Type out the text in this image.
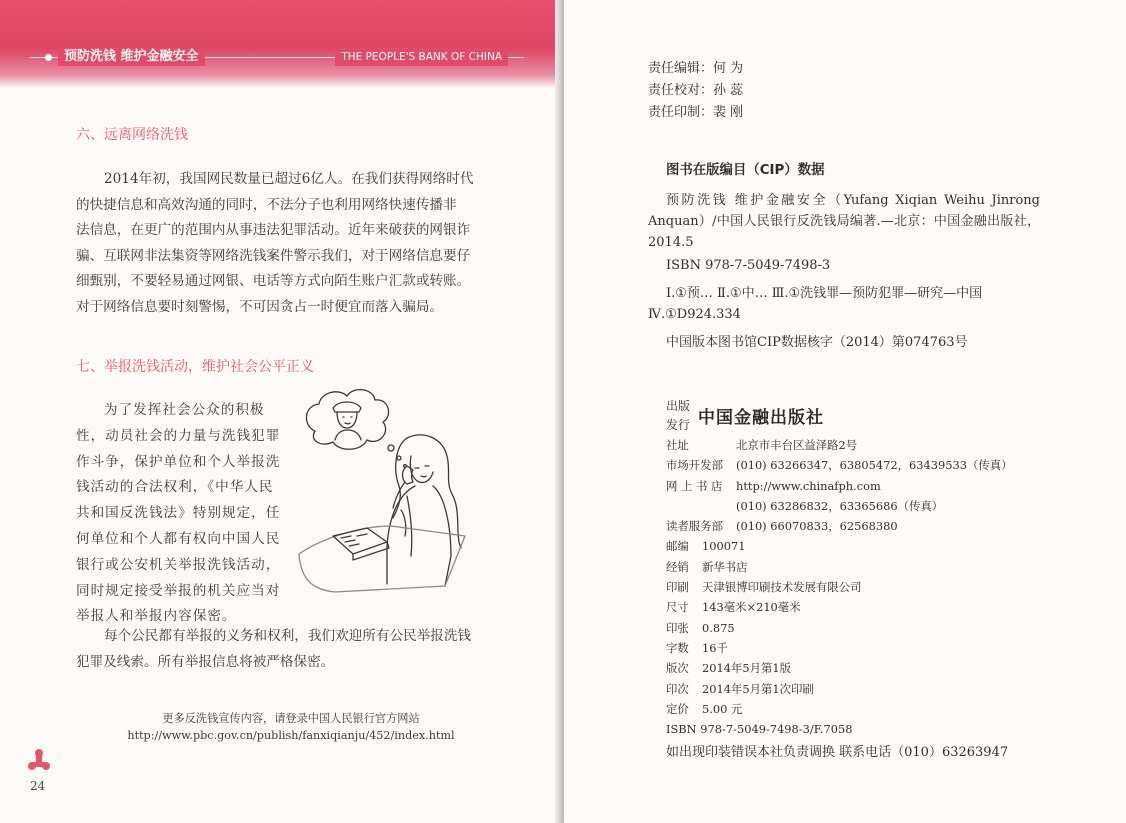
预防洗钱 维护金融安全	THE PEOPLE'S BANK OF CHINA
六、远离网络洗钱
2014年初，我国网民数量已超过6亿人。在我们获得网络时代
的快捷信息和高效沟通的同时，不法分子也利用网络快速传播非
法信息，在更广的范围内从事违法犯罪活动。近年来破获的网银诈
骗、互联网非法集资等网络洗钱案件警示我们，对于网络信息要仔
细甄别，不要轻易通过网银、电话等方式向陌生账户汇款或转账。
对于网络信息要时刻警惕，不可因贪占一时便宜而落入骗局。
七、举报洗钱活动，维护社会公平正义
为了发挥社会公众的积极
性，动员社会的力量与洗钱犯罪
作斗争，保护单位和个人举报洗
钱活动的合法权利，《中华人民
共和国反洗钱法》特别规定，任
何单位和个人都有权向中国人民
银行或公安机关举报洗钱活动，
同时规定接受举报的机关应当对
举报人和举报内容保密。
每个公民都有举报的义务和权利，我们欢迎所有公民举报洗钱
犯罪及线索。所有举报信息将被严格保密。
更多反洗钱宣传内容，请登录中国人民银行官方网站
http://www.pbc.gov.cn/publish/fanxiqianju/452/index.html
24
责任编辑：何 为
责任校对：孙 蕊
责任印制：裴 刚
图书在版编目（CIP）数据
预防洗钱 维护金融安全（Yufang Xiqian Weihu Jinrong Anquan）/中国人民银行反洗钱局编著.—北京：中国金融出版社，2014.5
ISBN 978-7-5049-7498-3
Ⅰ.①预… Ⅱ.①中… Ⅲ.①洗钱罪—预防犯罪—研究—中国 Ⅳ.①D924.334
中国版本图书馆CIP数据核字（2014）第074763号
出版
发行 中国金融出版社
社址	北京市丰台区益泽路2号
市场开发部 (010) 63266347，63805472，63439533（传真）
网 上 书 店 http://www.chinafph.com
(010) 63286832，63365686（传真）
读者服务部 (010) 66070833，62568380
邮编 100071
经销 新华书店
印刷 天津银博印刷技术发展有限公司
尺寸 143毫米×210毫米
印张 0.875
字数 16千
版次 2014年5月第1版
印次 2014年5月第1次印刷
定价 5.00 元
ISBN 978-7-5049-7498-3/F.7058
如出现印装错误本社负责调换 联系电话（010）63263947
